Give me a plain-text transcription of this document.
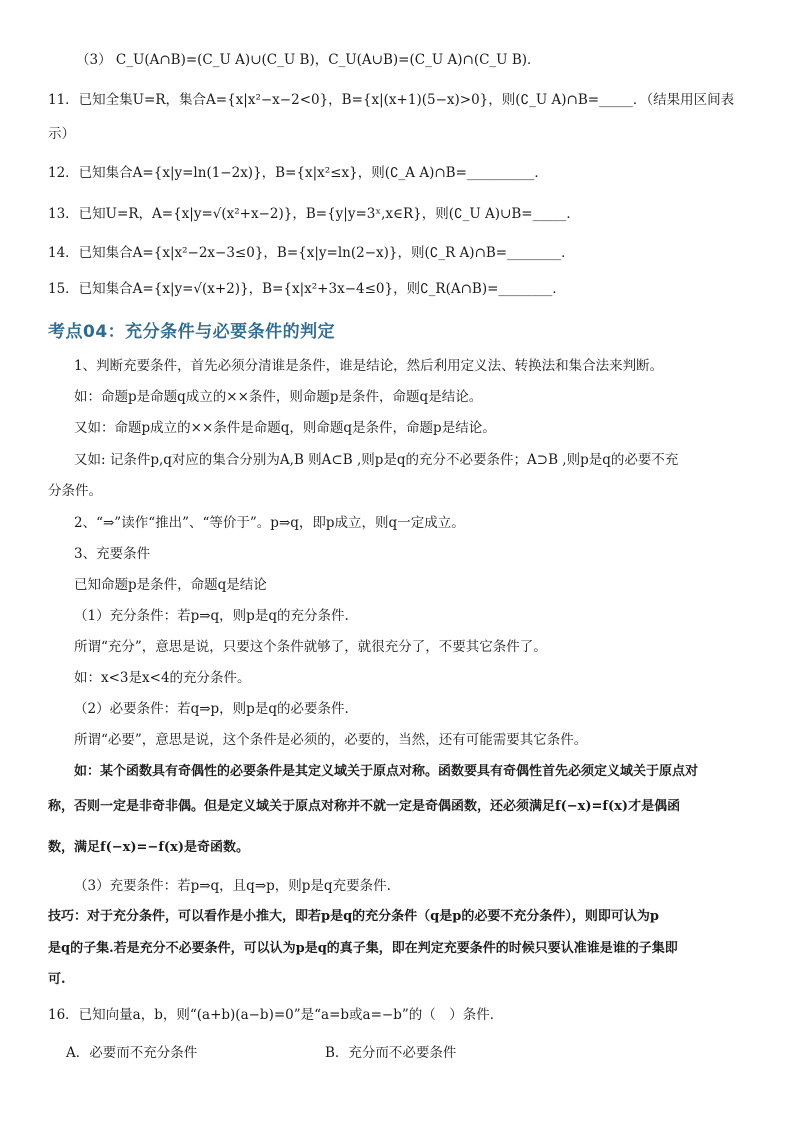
（3） C_U(A∩B)=(C_U A)∪(C_U B)，C_U(A∪B)=(C_U A)∩(C_U B)．
11．已知全集U=R，集合A={x|x²−x−2<0}，B={x|(x+1)(5−x)>0}，则(∁_U A)∩B=_____．（结果用区间表
示）
12．已知集合A={x|y=ln(1−2x)}，B={x|x²≤x}，则(∁_A A)∩B=__________．
13．已知U=R，A={x|y=√(x²+x−2)}，B={y|y=3ˣ,x∈R}，则(∁_U A)∪B=_____．
14．已知集合A={x|x²−2x−3≤0}，B={x|y=ln(2−x)}，则(∁_R A)∩B=________．
15．已知集合A={x|y=√(x+2)}，B={x|x²+3x−4≤0}，则∁_R(A∩B)=________．
考点04：充分条件与必要条件的判定
1、判断充要条件，首先必须分清谁是条件，谁是结论，然后利用定义法、转换法和集合法来判断。
如：命题p是命题q成立的××条件，则命题p是条件，命题q是结论。
又如：命题p成立的××条件是命题q，则命题q是条件，命题p是结论。
又如: 记条件p,q对应的集合分别为A,B 则A⊂B ,则p是q的充分不必要条件；A⊃B ,则p是q的必要不充
分条件。
2、“⇒”读作“推出”、“等价于”。p⇒q，即p成立，则q一定成立。
3、充要条件
已知命题p是条件，命题q是结论
（1）充分条件：若p⇒q，则p是q的充分条件.
所谓“充分”，意思是说，只要这个条件就够了，就很充分了，不要其它条件了。
如：x<3是x<4的充分条件。
（2）必要条件：若q⇒p，则p是q的必要条件.
所谓“必要”，意思是说，这个条件是必须的，必要的，当然，还有可能需要其它条件。
如：某个函数具有奇偶性的必要条件是其定义域关于原点对称。函数要具有奇偶性首先必须定义域关于原点对
称，否则一定是非奇非偶。但是定义域关于原点对称并不就一定是奇偶函数，还必须满足f(−x)=f(x)才是偶函
数，满足f(−x)=−f(x)是奇函数。
（3）充要条件：若p⇒q，且q⇒p，则p是q充要条件.
技巧：对于充分条件，可以看作是小推大，即若p是q的充分条件（q是p的必要不充分条件），则即可认为p
是q的子集.若是充分不必要条件，可以认为p是q的真子集，即在判定充要条件的时候只要认准谁是谁的子集即
可.
16．已知向量a，b，则“(a+b)(a−b)=0”是“a=b或a=−b”的（　）条件．
A．必要而不充分条件	B．充分而不必要条件
